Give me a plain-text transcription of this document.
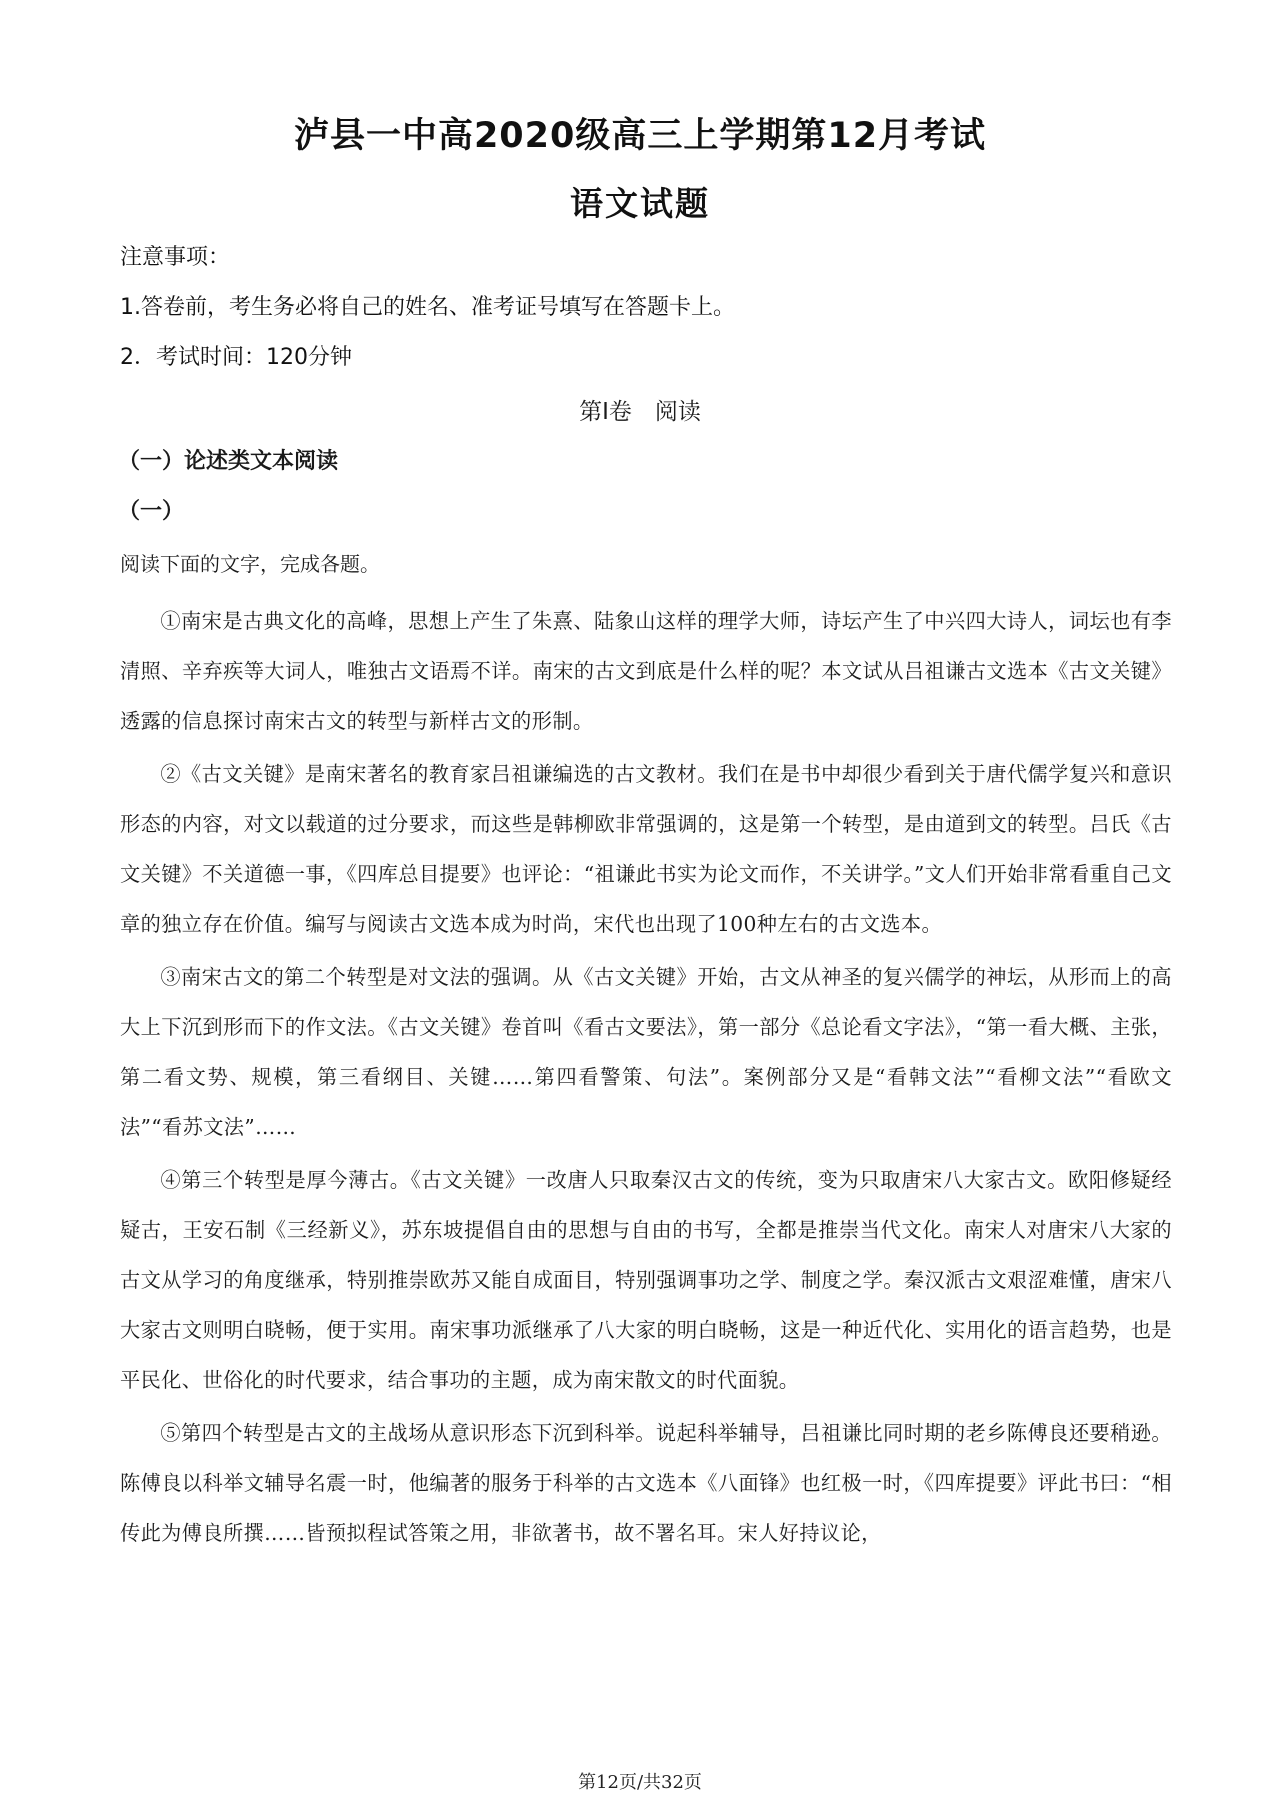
泸县一中高2020级高三上学期第12月考试
语文试题
注意事项：
1.答卷前，考生务必将自己的姓名、准考证号填写在答题卡上。
2．考试时间：120分钟
第Ⅰ卷　阅读
（一）论述类文本阅读
（一）
阅读下面的文字，完成各题。

①南宋是古典文化的高峰，思想上产生了朱熹、陆象山这样的理学大师，诗坛产生了中兴四大诗人，词坛也有李清照、辛弃疾等大词人，唯独古文语焉不详。南宋的古文到底是什么样的呢？本文试从吕祖谦古文选本《古文关键》透露的信息探讨南宋古文的转型与新样古文的形制。

②《古文关键》是南宋著名的教育家吕祖谦编选的古文教材。我们在是书中却很少看到关于唐代儒学复兴和意识形态的内容，对文以载道的过分要求，而这些是韩柳欧非常强调的，这是第一个转型，是由道到文的转型。吕氏《古文关键》不关道德一事，《四库总目提要》也评论：“祖谦此书实为论文而作，不关讲学。”文人们开始非常看重自己文章的独立存在价值。编写与阅读古文选本成为时尚，宋代也出现了100种左右的古文选本。

③南宋古文的第二个转型是对文法的强调。从《古文关键》开始，古文从神圣的复兴儒学的神坛，从形而上的高大上下沉到形而下的作文法。《古文关键》卷首叫《看古文要法》，第一部分《总论看文字法》，“第一看大概、主张，第二看文势、规模，第三看纲目、关键……第四看警策、句法”。案例部分又是“看韩文法”“看柳文法”“看欧文法”“看苏文法”……

④第三个转型是厚今薄古。《古文关键》一改唐人只取秦汉古文的传统，变为只取唐宋八大家古文。欧阳修疑经疑古，王安石制《三经新义》，苏东坡提倡自由的思想与自由的书写，全都是推崇当代文化。南宋人对唐宋八大家的古文从学习的角度继承，特别推崇欧苏又能自成面目，特别强调事功之学、制度之学。秦汉派古文艰涩难懂，唐宋八大家古文则明白晓畅，便于实用。南宋事功派继承了八大家的明白晓畅，这是一种近代化、实用化的语言趋势，也是平民化、世俗化的时代要求，结合事功的主题，成为南宋散文的时代面貌。

⑤第四个转型是古文的主战场从意识形态下沉到科举。说起科举辅导，吕祖谦比同时期的老乡陈傅良还要稍逊。陈傅良以科举文辅导名震一时，他编著的服务于科举的古文选本《八面锋》也红极一时，《四库提要》评此书曰：“相传此为傅良所撰……皆预拟程试答策之用，非欲著书，故不署名耳。宋人好持议论，

第12页/共32页
